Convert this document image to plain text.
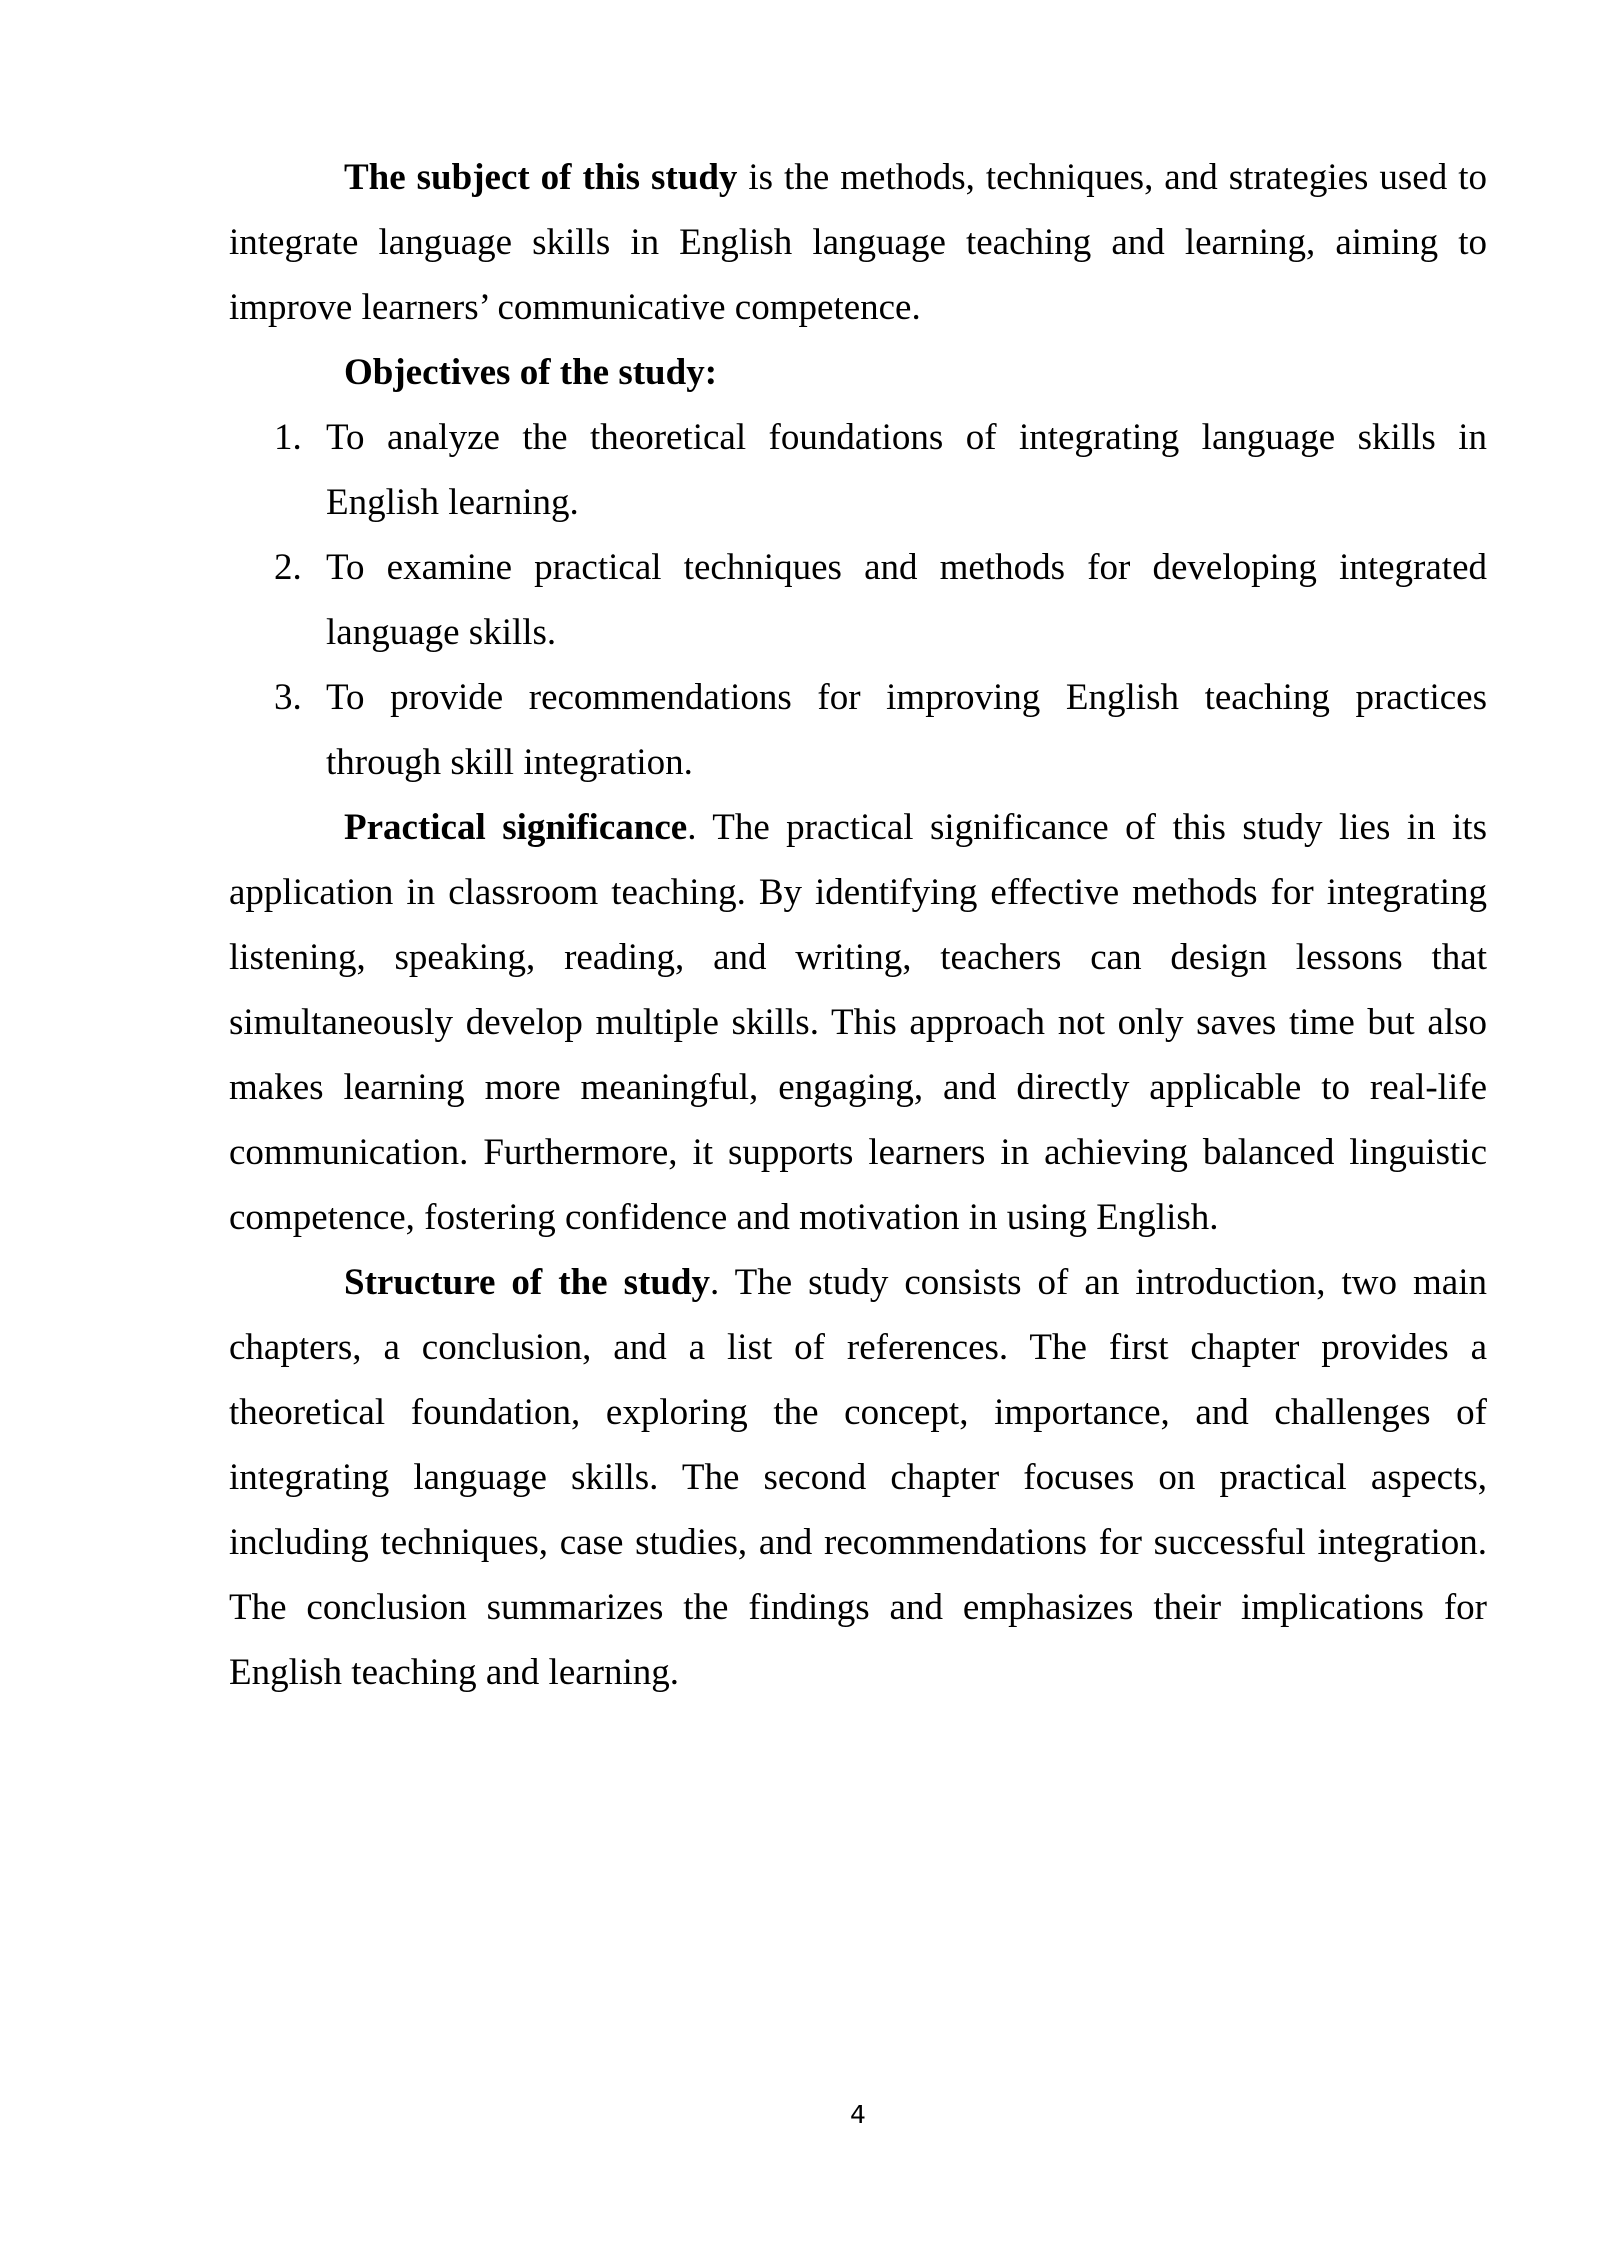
The subject of this study is the methods, techniques, and strategies used to integrate language skills in English language teaching and learning, aiming to improve learners’ communicative competence.

Objectives of the study:

1. To analyze the theoretical foundations of integrating language skills in English learning.
2. To examine practical techniques and methods for developing integrated language skills.
3. To provide recommendations for improving English teaching practices through skill integration.

Practical significance. The practical significance of this study lies in its application in classroom teaching. By identifying effective methods for integrating listening, speaking, reading, and writing, teachers can design lessons that simultaneously develop multiple skills. This approach not only saves time but also makes learning more meaningful, engaging, and directly applicable to real-life communication. Furthermore, it supports learners in achieving balanced linguistic competence, fostering confidence and motivation in using English.

Structure of the study. The study consists of an introduction, two main chapters, a conclusion, and a list of references. The first chapter provides a theoretical foundation, exploring the concept, importance, and challenges of integrating language skills. The second chapter focuses on practical aspects, including techniques, case studies, and recommendations for successful integration. The conclusion summarizes the findings and emphasizes their implications for English teaching and learning.

4
